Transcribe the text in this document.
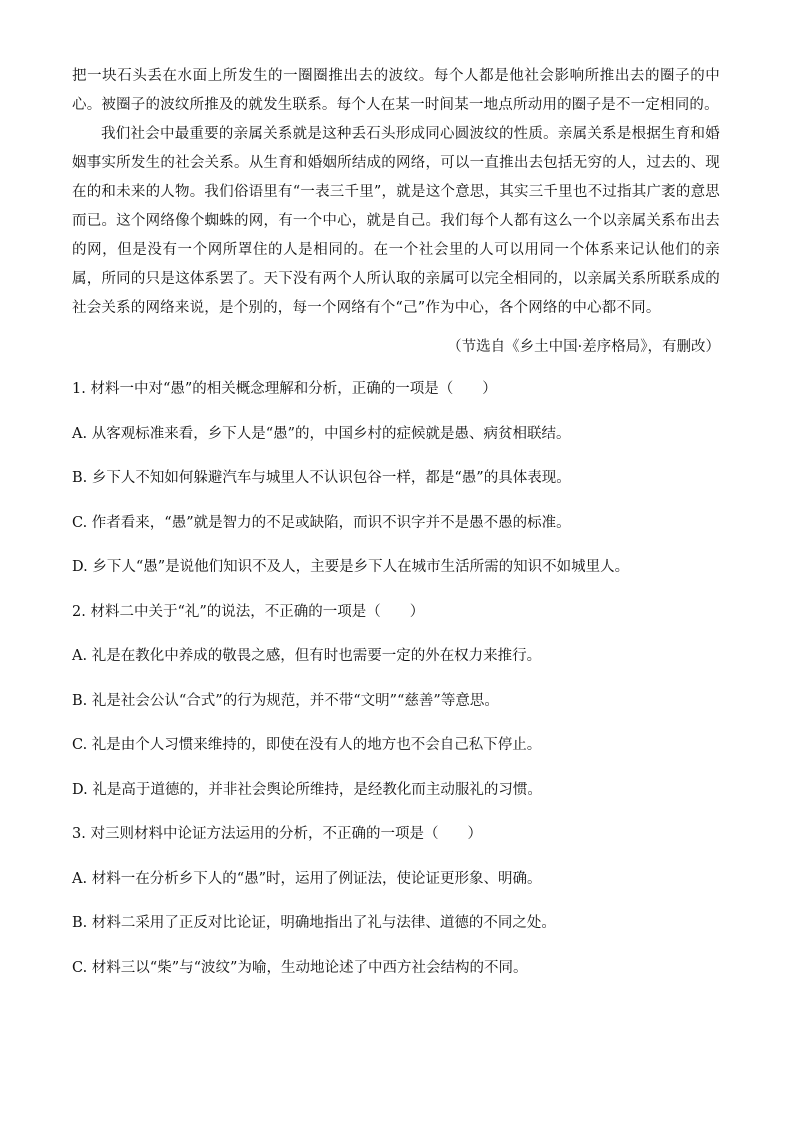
把一块石头丢在水面上所发生的一圈圈推出去的波纹。每个人都是他社会影响所推出去的圈子的中心。被圈子的波纹所推及的就发生联系。每个人在某一时间某一地点所动用的圈子是不一定相同的。

我们社会中最重要的亲属关系就是这种丢石头形成同心圆波纹的性质。亲属关系是根据生育和婚姻事实所发生的社会关系。从生育和婚姻所结成的网络，可以一直推出去包括无穷的人，过去的、现在的和未来的人物。我们俗语里有“一表三千里”，就是这个意思，其实三千里也不过指其广袤的意思而已。这个网络像个蜘蛛的网，有一个中心，就是自己。我们每个人都有这么一个以亲属关系布出去的网，但是没有一个网所罩住的人是相同的。在一个社会里的人可以用同一个体系来记认他们的亲属，所同的只是这体系罢了。天下没有两个人所认取的亲属可以完全相同的，以亲属关系所联系成的社会关系的网络来说，是个别的，每一个网络有个“己”作为中心，各个网络的中心都不同。

（节选自《乡土中国·差序格局》，有删改）

1. 材料一中对“愚”的相关概念理解和分析，正确的一项是（　　）

A. 从客观标准来看，乡下人是“愚”的，中国乡村的症候就是愚、病贫相联结。

B. 乡下人不知如何躲避汽车与城里人不认识包谷一样，都是“愚”的具体表现。

C. 作者看来，“愚”就是智力的不足或缺陷，而识不识字并不是愚不愚的标准。

D. 乡下人“愚”是说他们知识不及人，主要是乡下人在城市生活所需的知识不如城里人。

2. 材料二中关于“礼”的说法，不正确的一项是（　　）

A. 礼是在教化中养成的敬畏之感，但有时也需要一定的外在权力来推行。

B. 礼是社会公认“合式”的行为规范，并不带“文明”“慈善”等意思。

C. 礼是由个人习惯来维持的，即使在没有人的地方也不会自己私下停止。

D. 礼是高于道德的，并非社会舆论所维持，是经教化而主动服礼的习惯。

3. 对三则材料中论证方法运用的分析，不正确的一项是（　　）

A. 材料一在分析乡下人的“愚”时，运用了例证法，使论证更形象、明确。

B. 材料二采用了正反对比论证，明确地指出了礼与法律、道德的不同之处。

C. 材料三以“柴”与“波纹”为喻，生动地论述了中西方社会结构的不同。
